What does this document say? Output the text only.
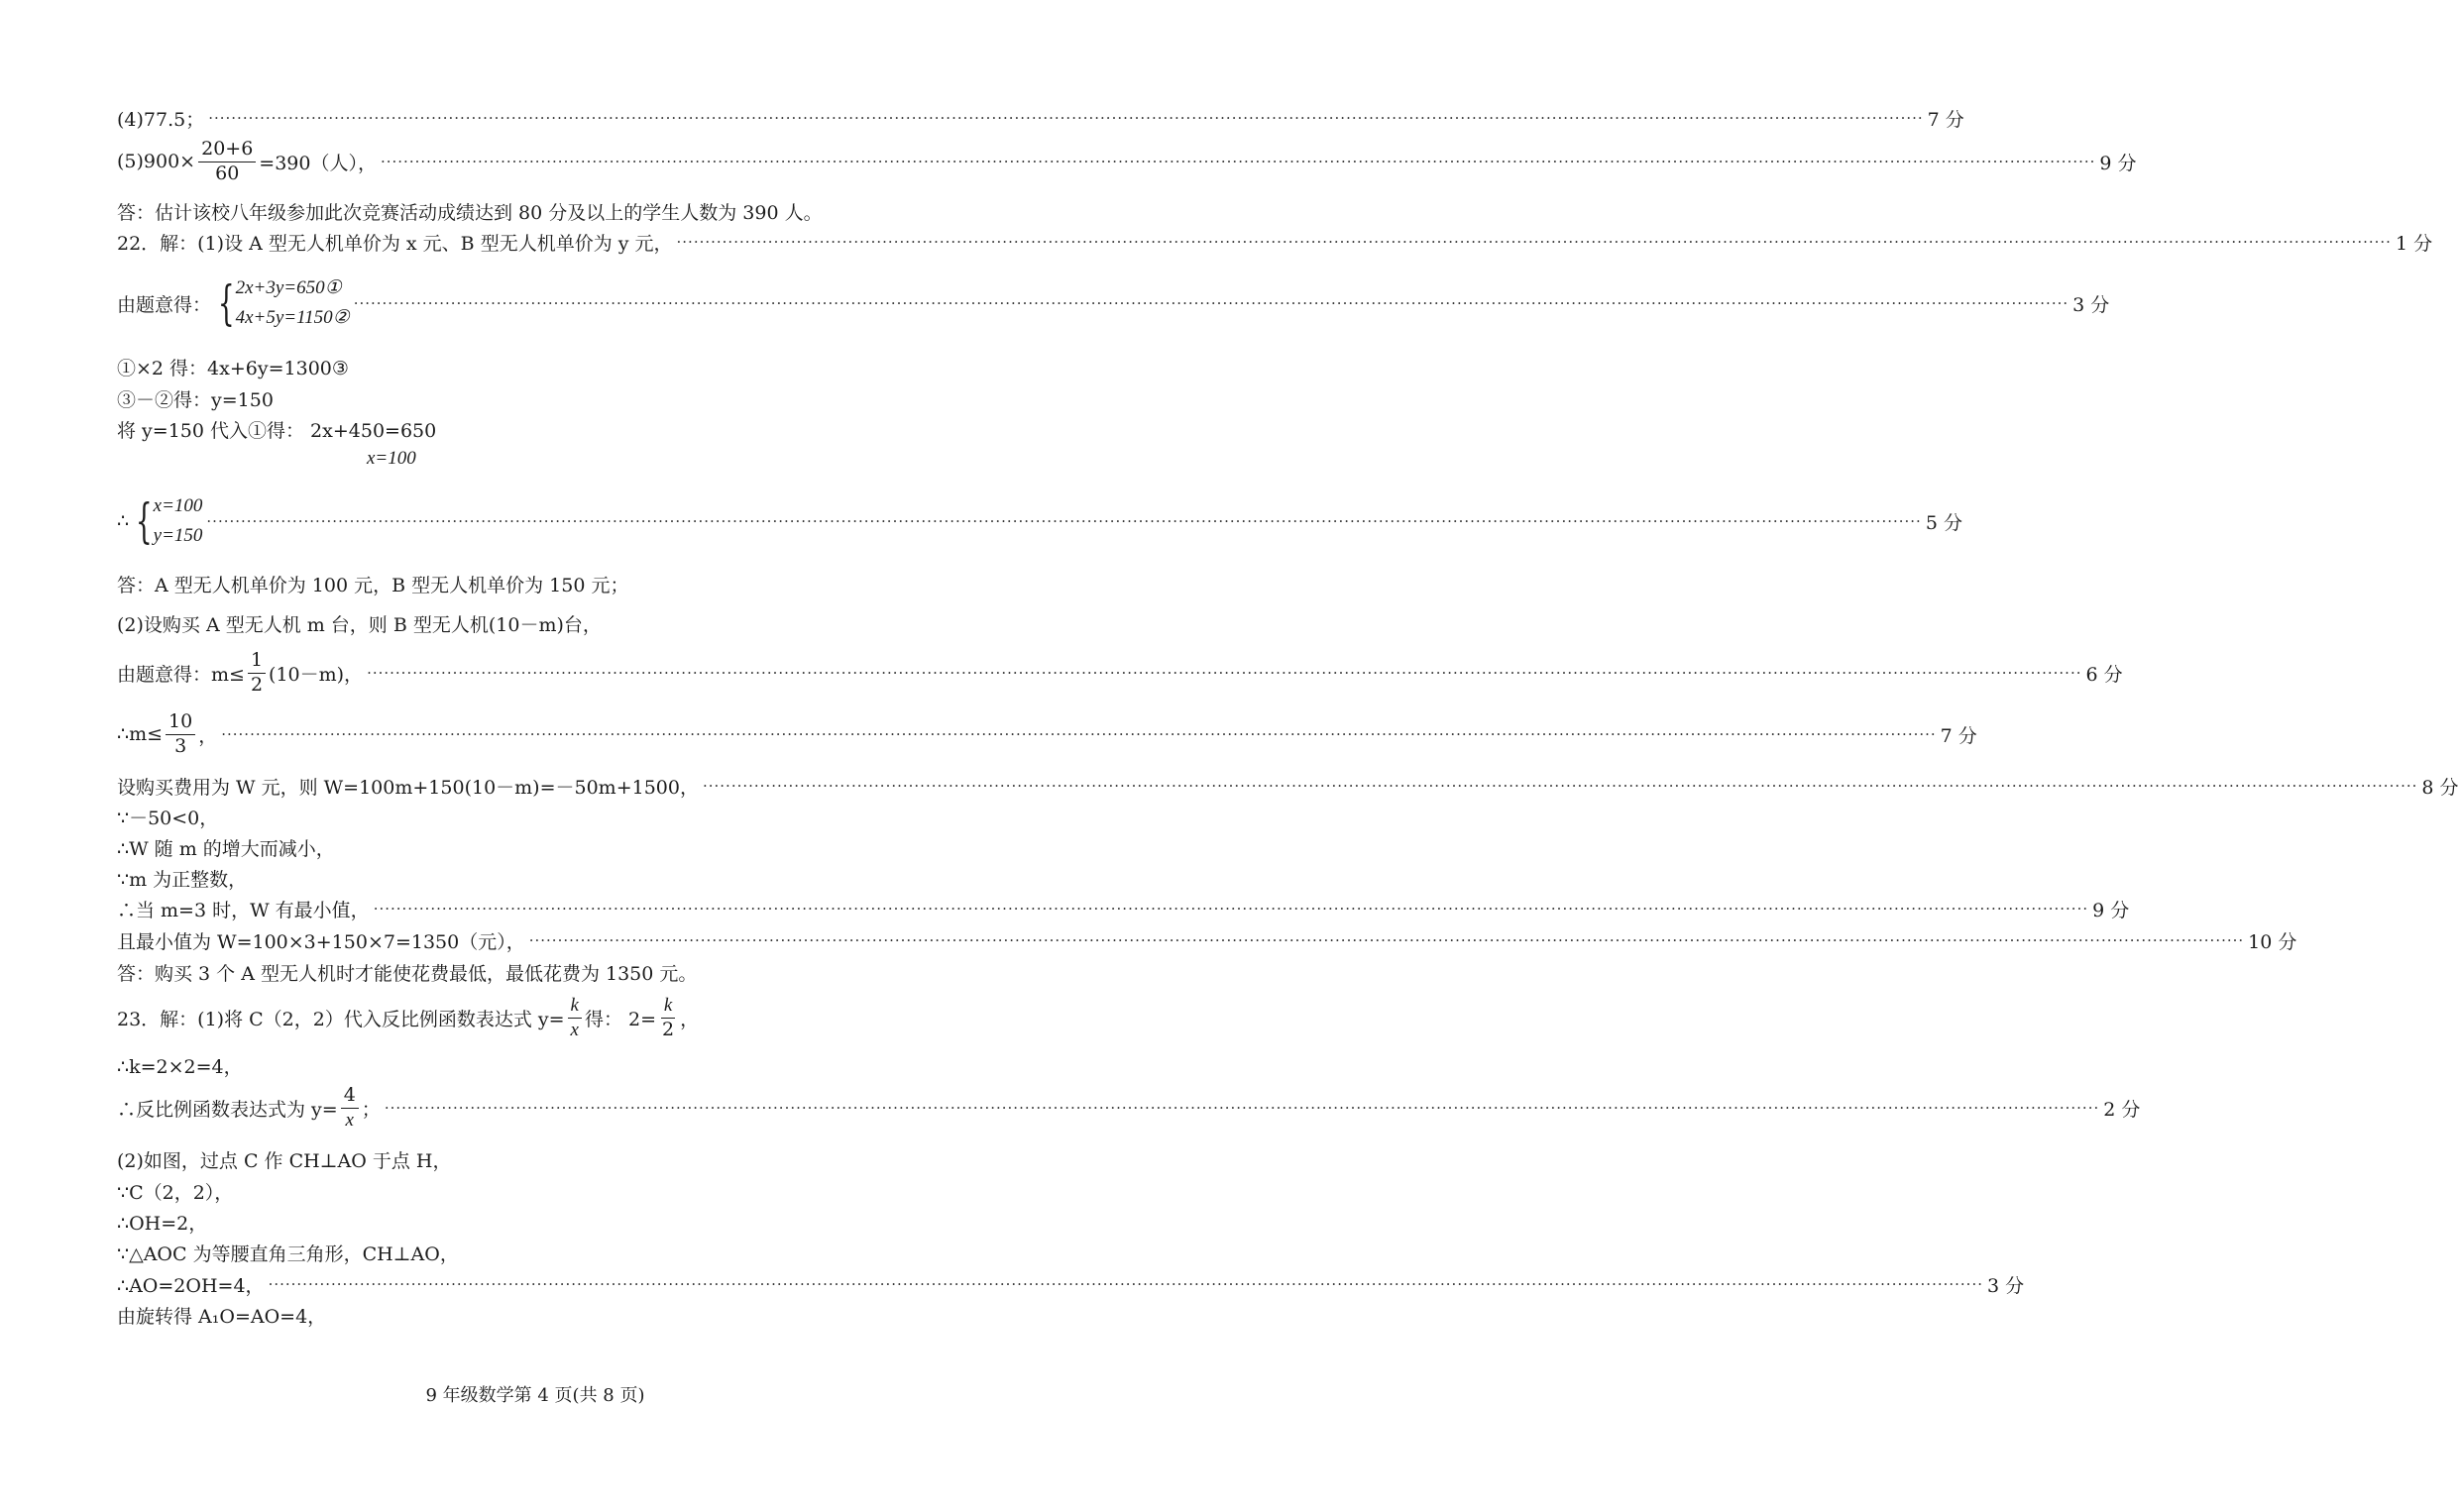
(4)77.5； ············································································································································································································································································································ 7 分
$(5)900\times \frac{20+6}{60} =390$（人）， ············································································································································································································································································································ 9 分
答：估计该校八年级参加此次竞赛活动成绩达到 80 分及以上的学生人数为 390 人。
22．解：(1)设 A 型无人机单价为 x 元、B 型无人机单价为 y 元， ············································································································································································································································································································ 1 分
由题意得： { 2x+3y=650①
4x+5y=1150②
············································································································································································································································································································ 3 分
①×2 得：4x+6y=1300③
③－②得：y=150
将 y=150 代入①得： 2x+450=650
x=100
∴ { x=100
y=150
············································································································································································································································································································ 5 分
答：A 型无人机单价为 100 元，B 型无人机单价为 150 元；
(2)设购买 A 型无人机 m 台，则 B 型无人机(10－m)台，
由题意得：$m\le \frac{1}{2} (10-m)$， ············································································································································································································································································································ 6 分
∴m≤ $\frac{10}{3}$ ， ············································································································································································································································································································ 7 分
设购买费用为 W 元，则 W=100m+150(10－m)=－50m+1500， ············································································································································································································································································································ 8 分
∵－50<0，
∴W 随 m 的增大而减小，
∵m 为正整数，
∴当 m=3 时，W 有最小值， ············································································································································································································································································································ 9 分
且最小值为 W=100×3+150×7=1350（元）， ············································································································································································································································································································ 10 分
答：购买 3 个 A 型无人机时才能使花费最低，最低花费为 1350 元。
23．解：(1)将 C（2，2）代入反比例函数表达式 $y= \frac{k}{x}$ 得： $2= \frac{k}{2}$ ，
∴k=2×2=4，
∴反比例函数表达式为 $y= \frac{4}{x}$ ； ············································································································································································································································································································ 2 分
(2)如图，过点 C 作 CH⊥AO 于点 H，
∵C（2，2），
∴OH=2，
∵△AOC 为等腰直角三角形，CH⊥AO，
∴AO=2OH=4， ············································································································································································································································································································ 3 分
由旋转得 A₁O=AO=4，
9 年级数学第 4 页(共 8 页)
